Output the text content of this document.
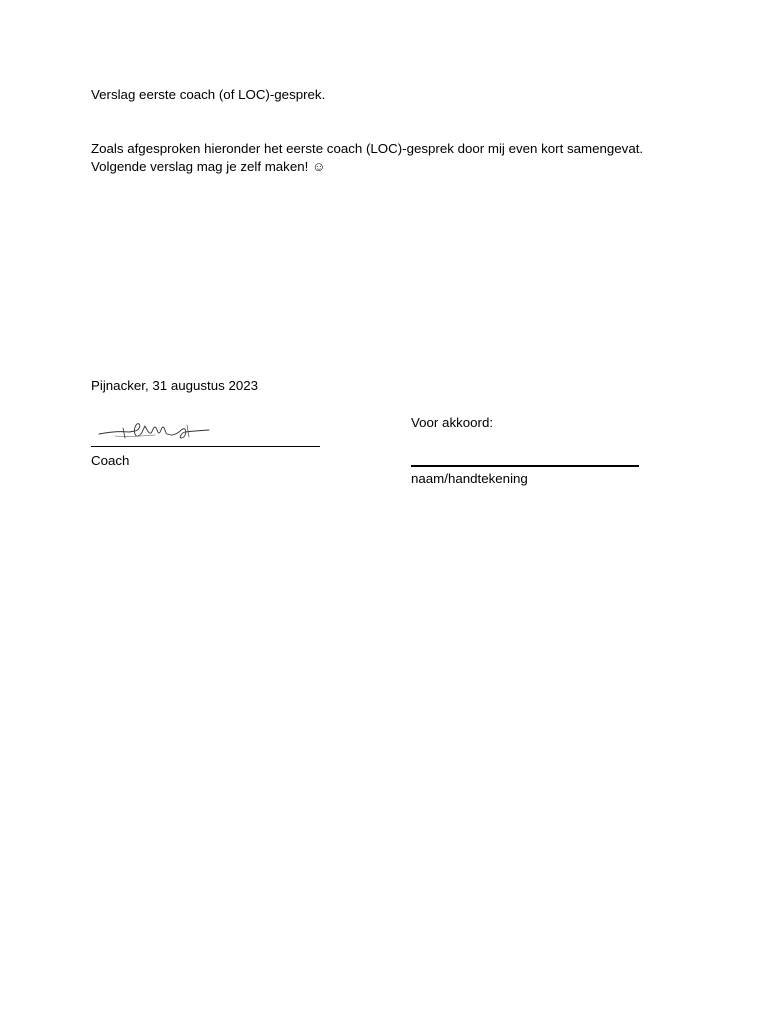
Verslag eerste coach (of LOC)-gesprek.
Zoals afgesproken hieronder het eerste coach (LOC)-gesprek door mij even kort samengevat.
Volgende verslag mag je zelf maken! ☺
Pijnacker, 31 augustus 2023
Coach
Voor akkoord:
naam/handtekening
